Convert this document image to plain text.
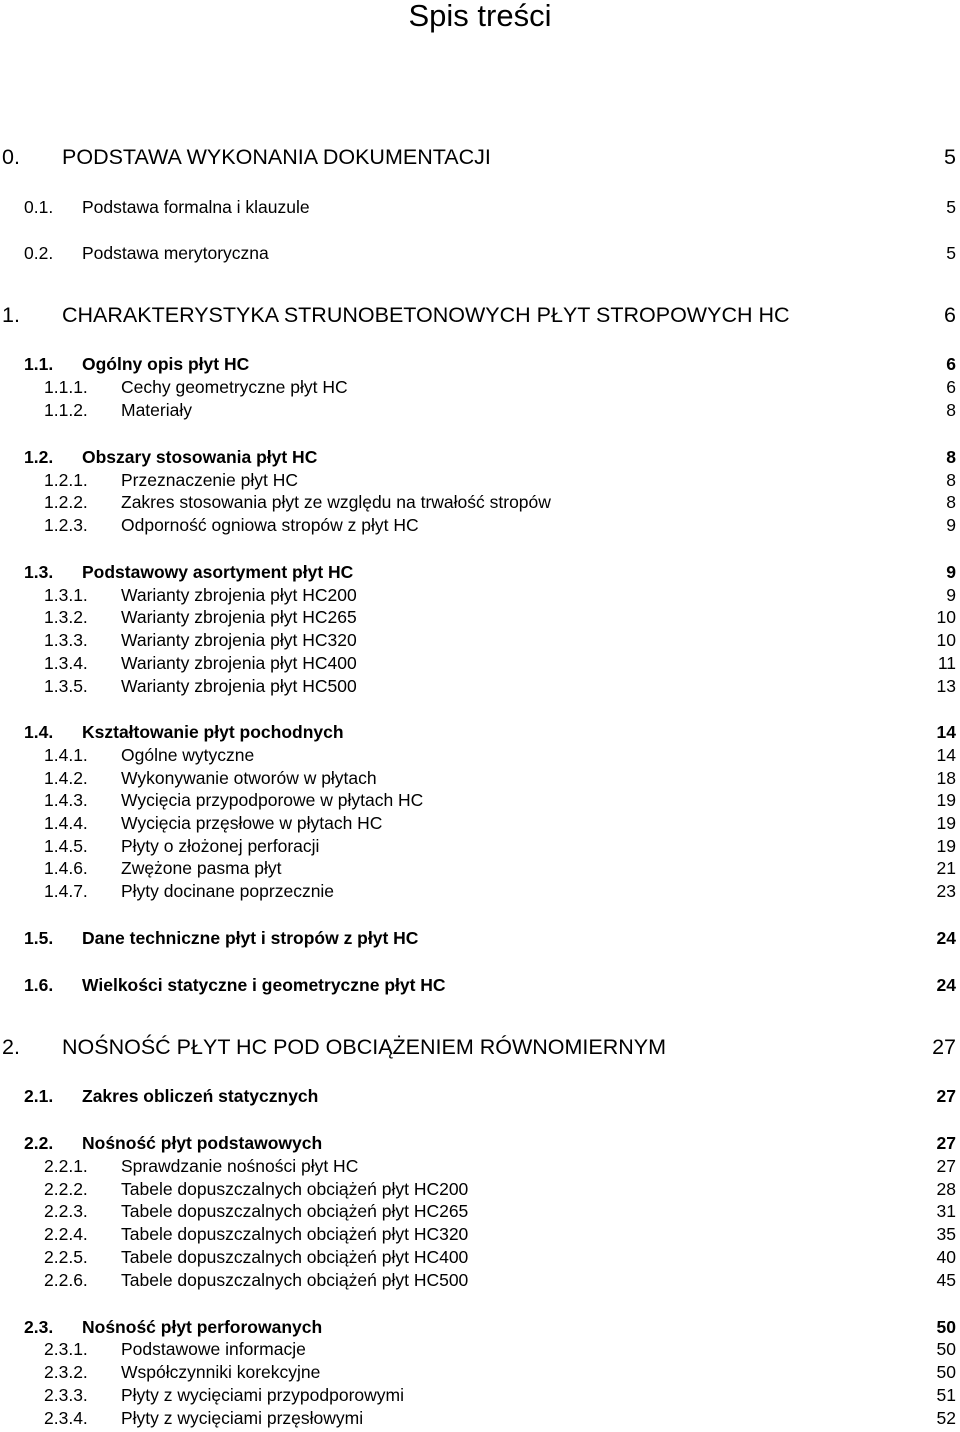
Spis treści
0. PODSTAWA WYKONANIA DOKUMENTACJI	5
0.1. Podstawa formalna i klauzule	5
0.2. Podstawa merytoryczna	5
1. CHARAKTERYSTYKA STRUNOBETONOWYCH PŁYT STROPOWYCH HC	6
1.1. Ogólny opis płyt HC	6
1.1.1. Cechy geometryczne płyt HC	6
1.1.2. Materiały	8
1.2. Obszary stosowania płyt HC	8
1.2.1. Przeznaczenie płyt HC	8
1.2.2. Zakres stosowania płyt ze względu na trwałość stropów	8
1.2.3. Odporność ogniowa stropów z płyt HC	9
1.3. Podstawowy asortyment płyt HC	9
1.3.1. Warianty zbrojenia płyt HC200	9
1.3.2. Warianty zbrojenia płyt HC265	10
1.3.3. Warianty zbrojenia płyt HC320	10
1.3.4. Warianty zbrojenia płyt HC400	11
1.3.5. Warianty zbrojenia płyt HC500	13
1.4. Kształtowanie płyt pochodnych	14
1.4.1. Ogólne wytyczne	14
1.4.2. Wykonywanie otworów w płytach	18
1.4.3. Wycięcia przypodporowe w płytach HC	19
1.4.4. Wycięcia przęsłowe w płytach HC	19
1.4.5. Płyty o złożonej perforacji	19
1.4.6. Zwężone pasma płyt	21
1.4.7. Płyty docinane poprzecznie	23
1.5. Dane techniczne płyt i stropów z płyt HC	24
1.6. Wielkości statyczne i geometryczne płyt HC	24
2. NOŚNOŚĆ PŁYT HC POD OBCIĄŻENIEM RÓWNOMIERNYM	27
2.1. Zakres obliczeń statycznych	27
2.2. Nośność płyt podstawowych	27
2.2.1. Sprawdzanie nośności płyt HC	27
2.2.2. Tabele dopuszczalnych obciążeń płyt HC200	28
2.2.3. Tabele dopuszczalnych obciążeń płyt HC265	31
2.2.4. Tabele dopuszczalnych obciążeń płyt HC320	35
2.2.5. Tabele dopuszczalnych obciążeń płyt HC400	40
2.2.6. Tabele dopuszczalnych obciążeń płyt HC500	45
2.3. Nośność płyt perforowanych	50
2.3.1. Podstawowe informacje	50
2.3.2. Współczynniki korekcyjne	50
2.3.3. Płyty z wycięciami przypodporowymi	51
2.3.4. Płyty z wycięciami przęsłowymi	52
